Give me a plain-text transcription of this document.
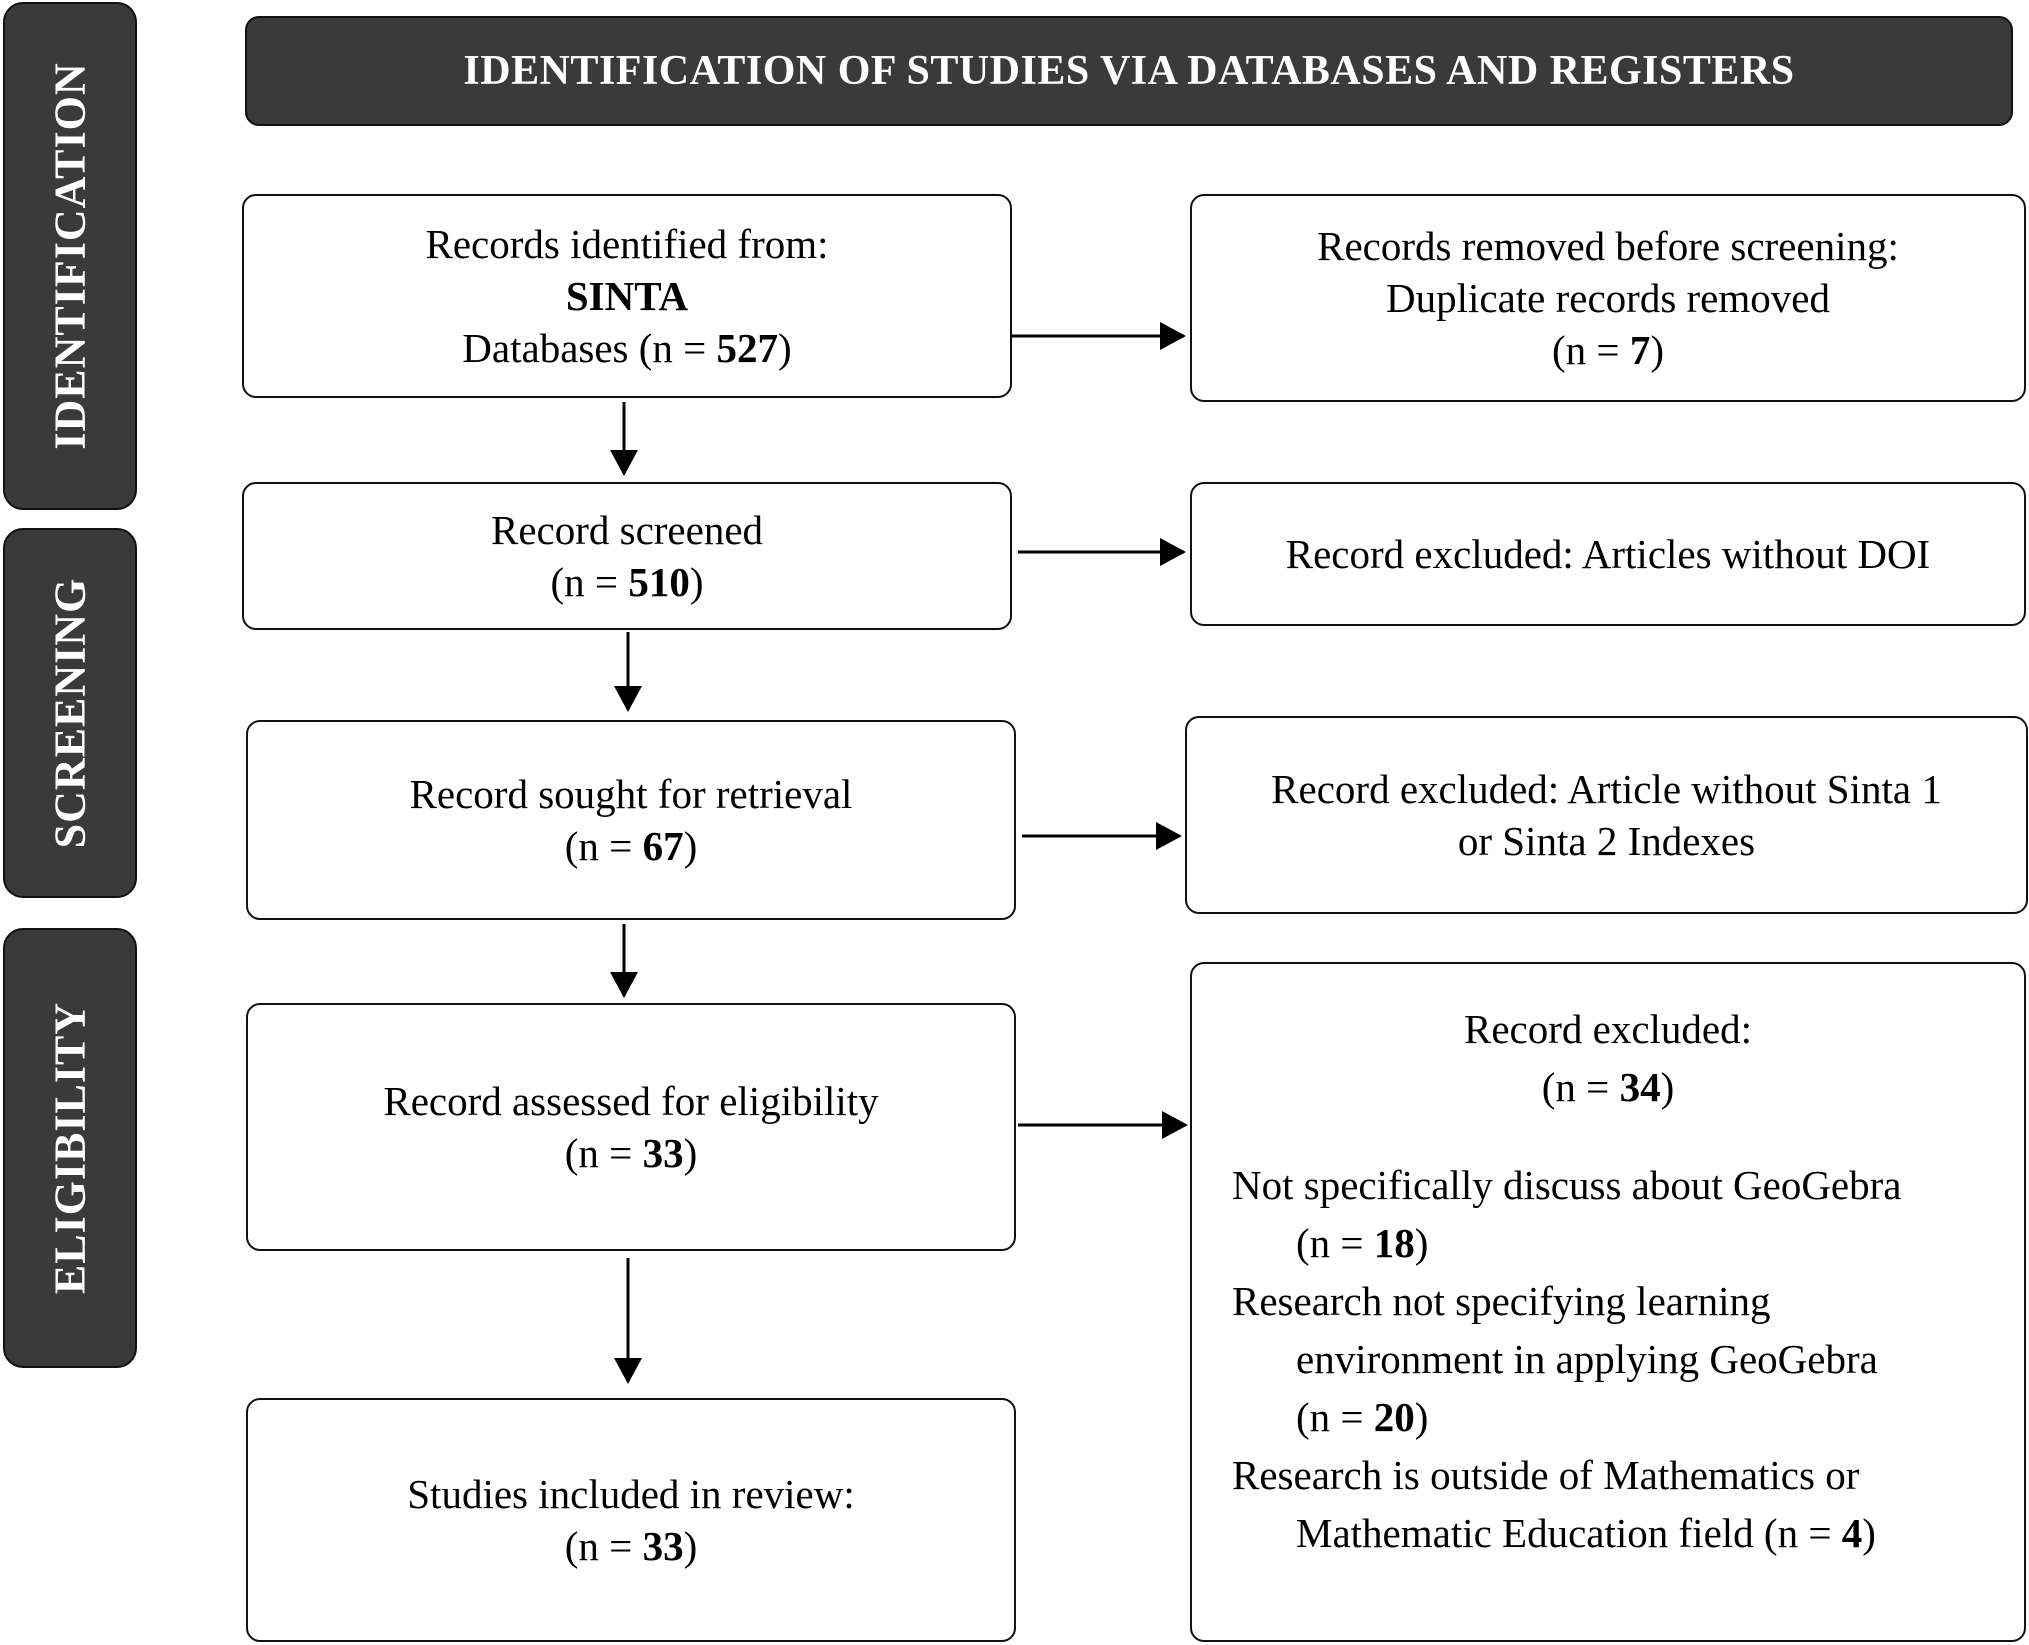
IDENTIFICATION
SCREENING
ELIGIBILITY
IDENTIFICATION OF STUDIES VIA DATABASES AND REGISTERS
Records identified from:
SINTA
Databases (n = 527)
Records removed before screening:
Duplicate records removed
(n = 7)
Record screened
(n = 510)
Record excluded: Articles without DOI
Record sought for retrieval
(n = 67)
Record excluded: Article without Sinta 1
or Sinta 2 Indexes
Record assessed for eligibility
(n = 33)
Record excluded:
(n = 34)
Not specifically discuss about GeoGebra
(n = 18)
Research not specifying learning
environment in applying GeoGebra
(n = 20)
Research is outside of Mathematics or
Mathematic Education field (n = 4)
Studies included in review:
(n = 33)
